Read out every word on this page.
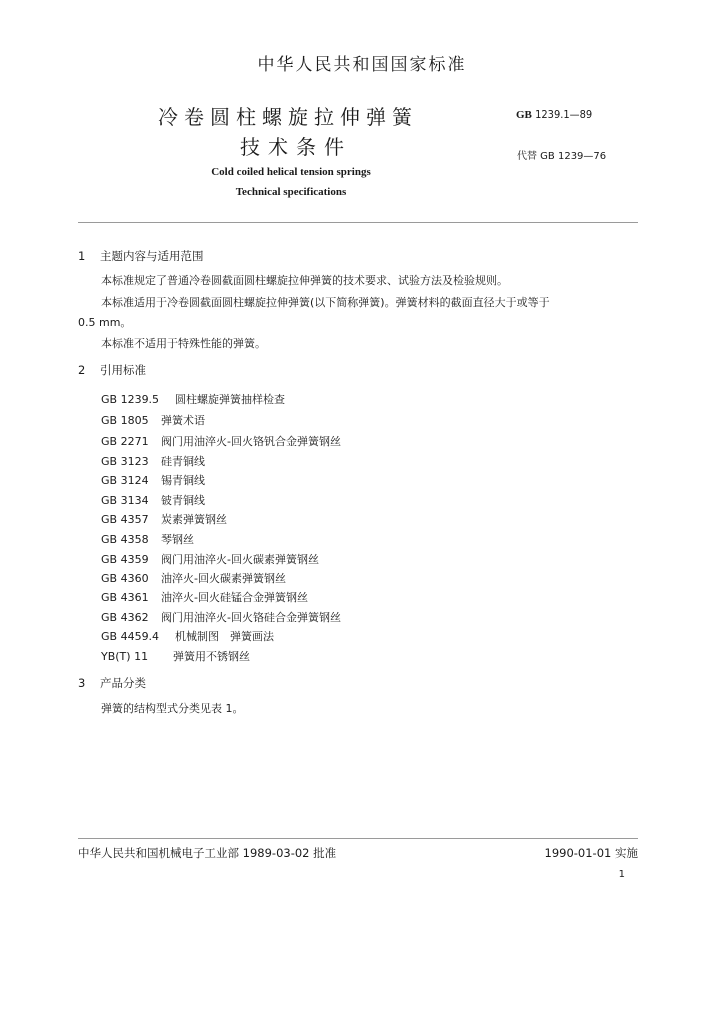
中华人民共和国国家标准
冷卷圆柱螺旋拉伸弹簧
技术条件
GB 1239.1—89
代替 GB 1239—76
Cold coiled helical tension springs
Technical specifications
1 主题内容与适用范围
本标准规定了普通冷卷圆截面圆柱螺旋拉伸弹簧的技术要求、试验方法及检验规则。
本标准适用于冷卷圆截面圆柱螺旋拉伸弹簧(以下简称弹簧)。弹簧材料的截面直径大于或等于
0.5 mm。
本标准不适用于特殊性能的弹簧。
2 引用标准
GB 1239.5 圆柱螺旋弹簧抽样检查
GB 1805 弹簧术语
GB 2271 阀门用油淬火-回火铬钒合金弹簧钢丝
GB 3123 硅青铜线
GB 3124 锡青铜线
GB 3134 铍青铜线
GB 4357 炭素弹簧钢丝
GB 4358 琴钢丝
GB 4359 阀门用油淬火-回火碳素弹簧钢丝
GB 4360 油淬火-回火碳素弹簧钢丝
GB 4361 油淬火-回火硅锰合金弹簧钢丝
GB 4362 阀门用油淬火-回火铬硅合金弹簧钢丝
GB 4459.4 机械制图　弹簧画法
YB(T) 11 弹簧用不锈钢丝
3 产品分类
弹簧的结构型式分类见表 1。
中华人民共和国机械电子工业部 1989-03-02 批准	1990-01-01 实施
1
